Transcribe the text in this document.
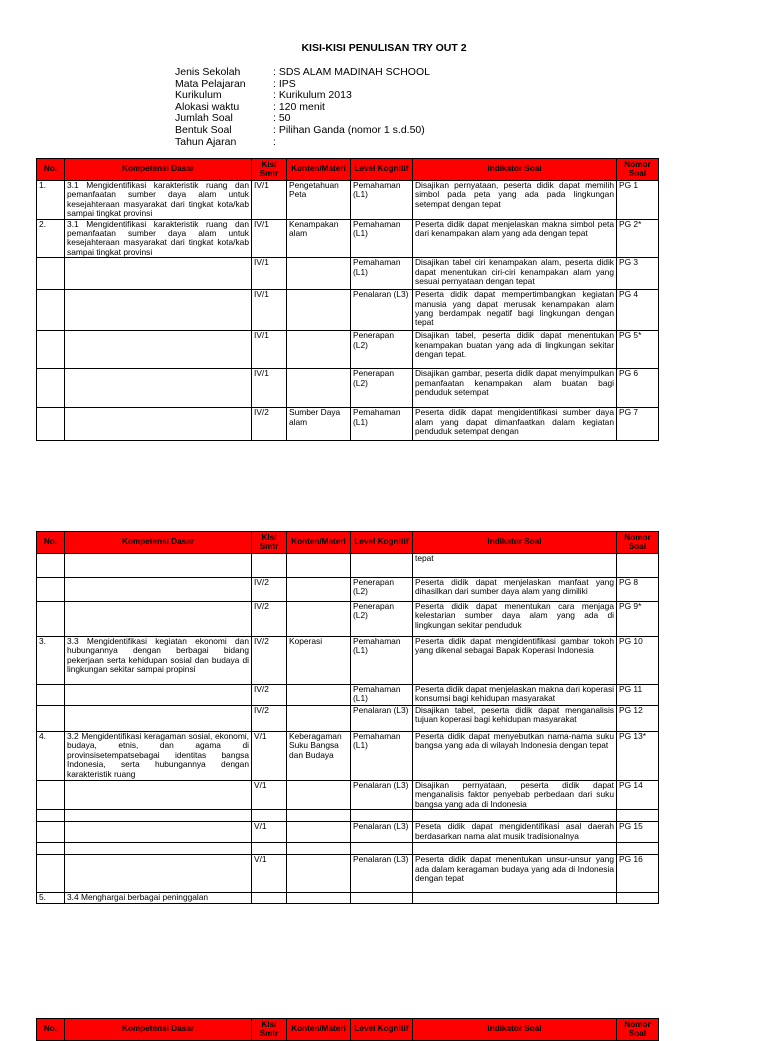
KISI-KISI PENULISAN TRY OUT 2
Jenis Sekolah	: SDS ALAM MADINAH SCHOOL
Mata Pelajaran	: IPS
Kurikulum	: Kurikulum 2013
Alokasi waktu	: 120 menit
Jumlah Soal	: 50
Bentuk Soal	: Pilihan Ganda (nomor 1 s.d.50)
Tahun Ajaran	:
No.	Kompetensi Dasar	Kls/ Smtr	Konten/Materi	Level Kognitif	Indikator Soal	Nomor Soal
1.	3.1 Mengidentifikasi karakteristik ruang dan pemanfaatan sumber daya alam untuk kesejahteraan masyarakat dari tingkat kota/kab sampai tingkat provinsi	IV/1	Pengetahuan Peta	Pemahaman (L1)	Disajikan pernyataan, peserta didik dapat memilih simbol pada peta yang ada pada lingkungan setempat dengan tepat	PG 1
2.	3.1 Mengidentifikasi karakteristik ruang dan pemanfaatan sumber daya alam untuk kesejahteraan masyarakat dari tingkat kota/kab sampai tingkat provinsi	IV/1	Kenampakan alam	Pemahaman (L1)	Peserta didik dapat menjelaskan makna simbol peta dari kenampakan alam yang ada dengan tepat	PG 2*
		IV/1		Pemahaman (L1)	Disajikan tabel ciri kenampakan alam, peserta didik dapat menentukan ciri-ciri kenampakan alam yang sesuai pernyataan dengan tepat	PG 3
		IV/1		Penalaran (L3)	Peserta didik dapat mempertimbangkan kegiatan manusia yang dapat merusak kenampakan alam yang berdampak negatif bagi lingkungan dengan tepat	PG 4
		IV/1		Penerapan (L2)	Disajikan tabel, peserta didik dapat menentukan kenampakan buatan yang ada di lingkungan sekitar dengan tepat.	PG 5*
		IV/1		Penerapan (L2)	Disajikan gambar, peserta didik dapat menyimpulkan pemanfaatan kenampakan alam buatan bagi penduduk setempat	PG 6
		IV/2	Sumber Daya alam	Pemahaman (L1)	Peserta didik dapat mengidentifikasi sumber daya alam yang dapat dimanfaatkan dalam kegiatan penduduk setempat dengan	PG 7
No.	Kompetensi Dasar	Kls/ Smtr	Konten/Materi	Level Kognitif	Indikator Soal	Nomor Soal
					tepat	
		IV/2		Penerapan (L2)	Peserta didik dapat menjelaskan manfaat yang dihasilkan dari sumber daya alam yang dimiliki	PG 8
		IV/2		Penerapan (L2)	Peserta didik dapat menentukan cara menjaga kelestarian sumber daya alam yang ada di lingkungan sekitar penduduk	PG 9*
3.	3.3 Mengidentifikasi kegiatan ekonomi dan hubungannya dengan berbagai bidang pekerjaan serta kehidupan sosial dan budaya di lingkungan sekitar sampai propinsi	IV/2	Koperasi	Pemahaman (L1)	Peserta didik dapat mengidentifikasi gambar tokoh yang dikenal sebagai Bapak Koperasi Indonesia	PG 10
		IV/2		Pemahaman (L1)	Peserta didik dapat menjelaskan makna dari koperasi konsumsi bagi kehidupan masyarakat	PG 11
		IV/2		Penalaran (L3)	Disajikan tabel, peserta didik dapat menganalisis tujuan koperasi bagi kehidupan masyarakat	PG 12
4.	3.2 Mengidentifikasi keragaman sosial, ekonomi, budaya, etnis, dan agama di provinsisetempatsebagai identitas bangsa Indonesia, serta hubungannya dengan karakteristik ruang	V/1	Keberagaman Suku Bangsa dan Budaya	Pemahaman (L1)	Peserta didik dapat menyebutkan nama-nama suku bangsa yang ada di wilayah Indonesia dengan tepat	PG 13*
		V/1		Penalaran (L3)	Disajikan pernyataan, peserta didik dapat menganalisis faktor penyebab perbedaan dari suku bangsa yang ada di Indonesia	PG 14

		V/1		Penalaran (L3)	Peseta didik dapat mengidentifikasi asal daerah berdasarkan nama alat musik tradisionalnya	PG 15

		V/1		Penalaran (L3)	Peserta didik dapat menentukan unsur-unsur yang ada dalam keragaman budaya yang ada di Indonesia dengan tepat	PG 16
5.	3.4 Menghargai berbagai peninggalan					
No.	Kompetensi Dasar	Kls/ Smtr	Konten/Materi	Level Kognitif	Indikator Soal	Nomor Soal
